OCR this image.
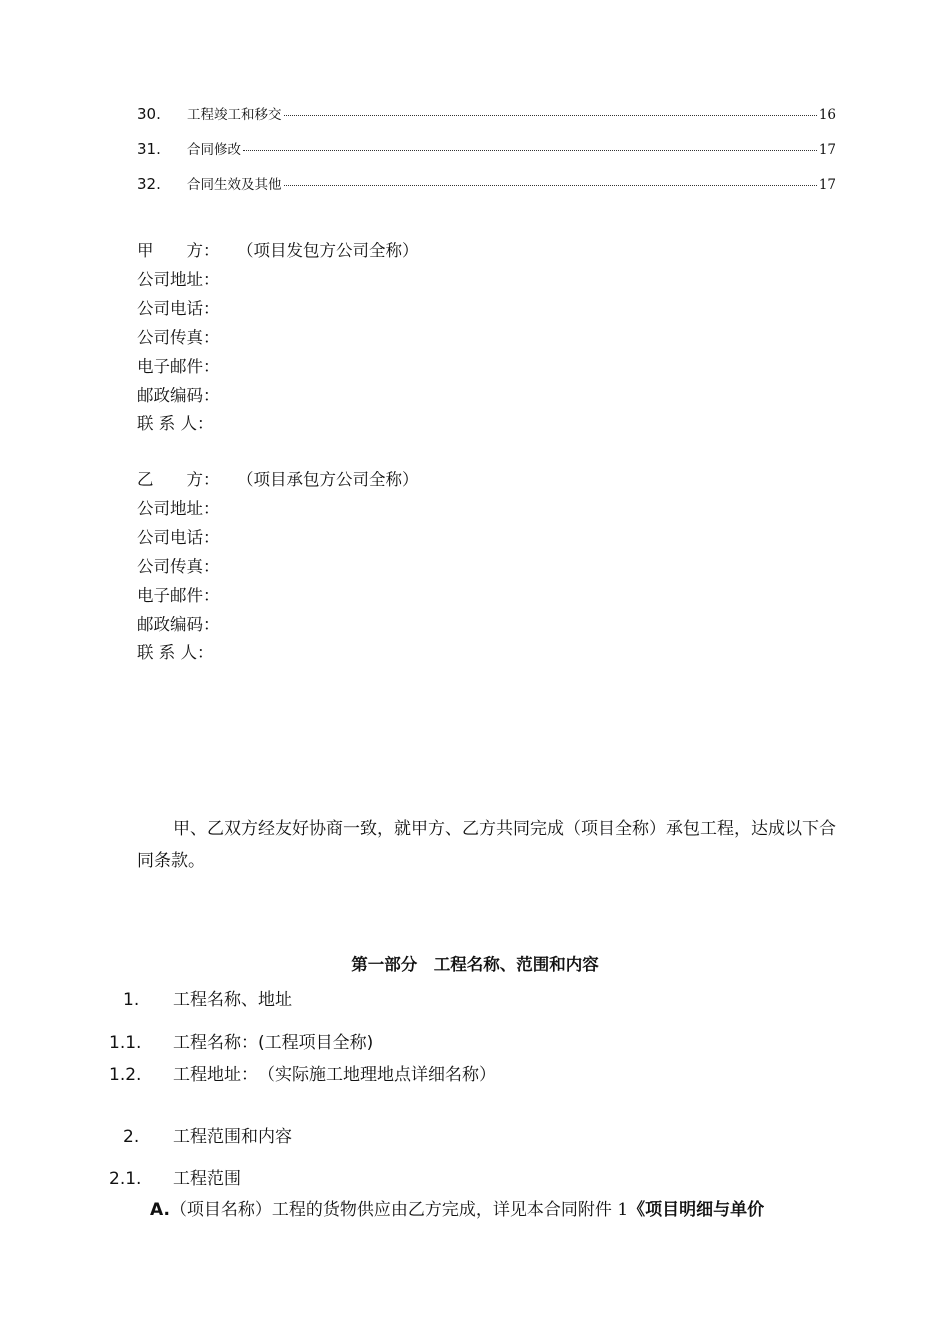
30.	工程竣工和移交	16
31.	合同修改	17
32.	合同生效及其他	17
甲　　方： （项目发包方公司全称）
公司地址：
公司电话：
公司传真：
电子邮件：
邮政编码：
联 系 人：
乙　　方： （项目承包方公司全称）
公司地址：
公司电话：
公司传真：
电子邮件：
邮政编码：
联 系 人：
甲、乙双方经友好协商一致，就甲方、乙方共同完成（项目全称）承包工程，达成以下合同条款。
第一部分　工程名称、范围和内容
1. 工程名称、地址
1.1. 工程名称：(工程项目全称)
1.2. 工程地址：　（实际施工地理地点详细名称）
2. 工程范围和内容
2.1. 工程范围
A.（项目名称）工程的货物供应由乙方完成，详见本合同附件 1《项目明细与单价
